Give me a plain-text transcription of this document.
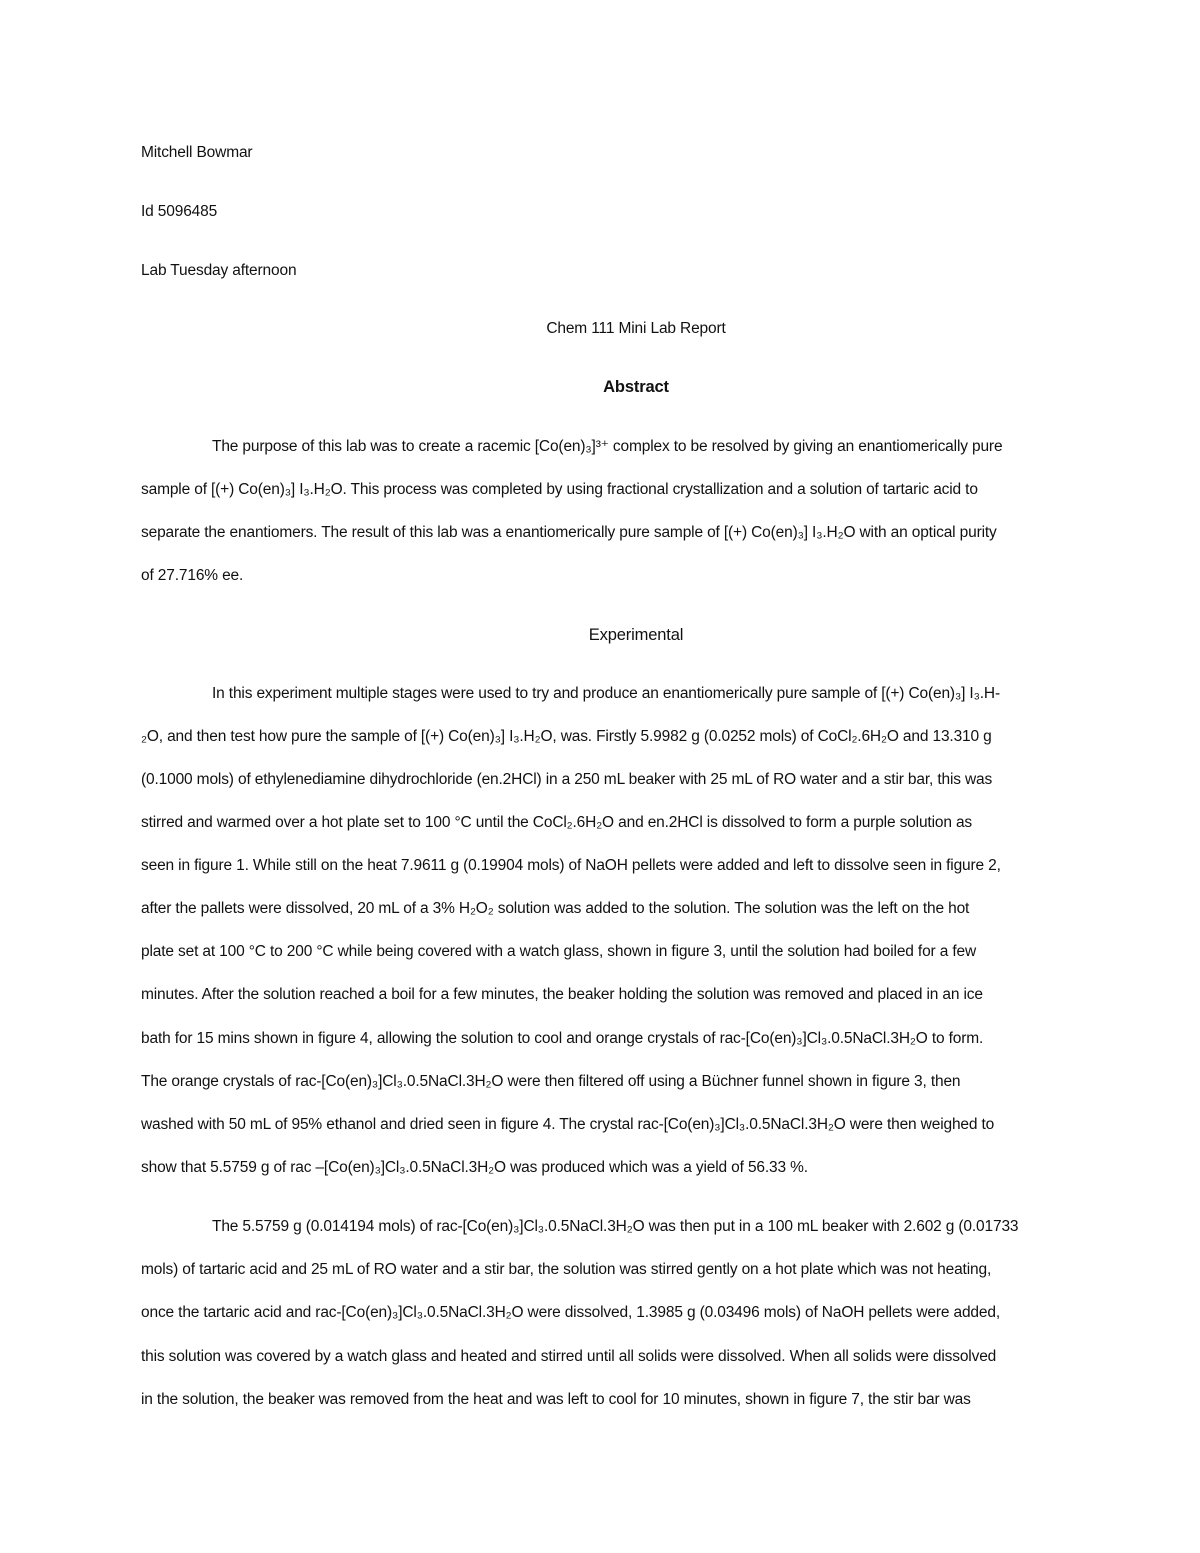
Mitchell Bowmar
Id 5096485
Lab Tuesday afternoon
Chem 111 Mini Lab Report
Abstract
The purpose of this lab was to create a racemic [Co(en)₃]³⁺ complex to be resolved by giving an enantiomerically pure
sample of [(+) Co(en)₃] I₃.H₂O. This process was completed by using fractional crystallization and a solution of tartaric acid to
separate the enantiomers. The result of this lab was a enantiomerically pure sample of [(+) Co(en)₃] I₃.H₂O with an optical purity
of 27.716% ee.
Experimental
In this experiment multiple stages were used to try and produce an enantiomerically pure sample of [(+) Co(en)₃] I₃.H-
₂O, and then test how pure the sample of [(+) Co(en)₃] I₃.H₂O, was. Firstly 5.9982 g (0.0252 mols) of CoCl₂.6H₂O and 13.310 g
(0.1000 mols) of ethylenediamine dihydrochloride (en.2HCl) in a 250 mL beaker with 25 mL of RO water and a stir bar, this was
stirred and warmed over a hot plate set to 100 °C until the CoCl₂.6H₂O and en.2HCl is dissolved to form a purple solution as
seen in figure 1. While still on the heat 7.9611 g (0.19904 mols) of NaOH pellets were added and left to dissolve seen in figure 2,
after the pallets were dissolved, 20 mL of a 3% H₂O₂ solution was added to the solution. The solution was the left on the hot
plate set at 100 °C to 200 °C while being covered with a watch glass, shown in figure 3, until the solution had boiled for a few
minutes. After the solution reached a boil for a few minutes, the beaker holding the solution was removed and placed in an ice
bath for 15 mins shown in figure 4, allowing the solution to cool and orange crystals of rac-[Co(en)₃]Cl₃.0.5NaCl.3H₂O to form.
The orange crystals of rac-[Co(en)₃]Cl₃.0.5NaCl.3H₂O were then filtered off using a Büchner funnel shown in figure 3, then
washed with 50 mL of 95% ethanol and dried seen in figure 4. The crystal rac-[Co(en)₃]Cl₃.0.5NaCl.3H₂O were then weighed to
show that 5.5759 g of rac –[Co(en)₃]Cl₃.0.5NaCl.3H₂O was produced which was a yield of 56.33 %.
The 5.5759 g (0.014194 mols) of rac-[Co(en)₃]Cl₃.0.5NaCl.3H₂O was then put in a 100 mL beaker with 2.602 g (0.01733
mols) of tartaric acid and 25 mL of RO water and a stir bar, the solution was stirred gently on a hot plate which was not heating,
once the tartaric acid and rac-[Co(en)₃]Cl₃.0.5NaCl.3H₂O were dissolved, 1.3985 g (0.03496 mols) of NaOH pellets were added,
this solution was covered by a watch glass and heated and stirred until all solids were dissolved. When all solids were dissolved
in the solution, the beaker was removed from the heat and was left to cool for 10 minutes, shown in figure 7, the stir bar was
